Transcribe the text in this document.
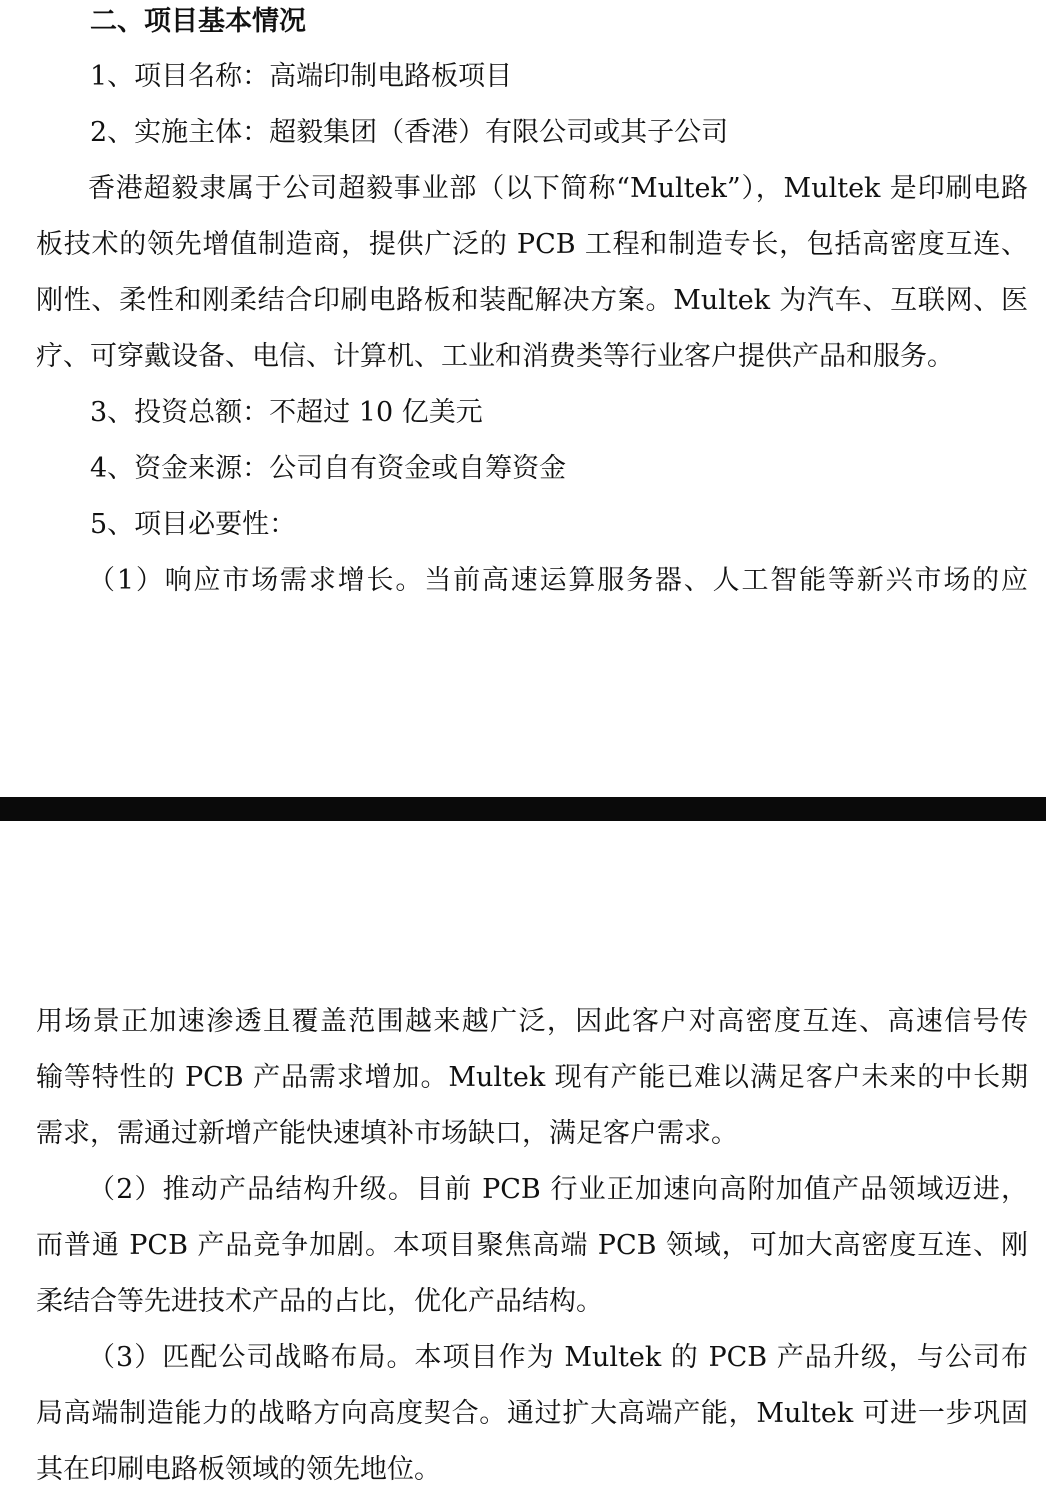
二、项目基本情况
1、项目名称：高端印制电路板项目
2、实施主体：超毅集团（香港）有限公司或其子公司
香港超毅隶属于公司超毅事业部（以下简称“Multek”），Multek 是印刷电路
板技术的领先增值制造商，提供广泛的 PCB 工程和制造专长，包括高密度互连、
刚性、柔性和刚柔结合印刷电路板和装配解决方案。Multek 为汽车、互联网、医
疗、可穿戴设备、电信、计算机、工业和消费类等行业客户提供产品和服务。
3、投资总额：不超过 10 亿美元
4、资金来源：公司自有资金或自筹资金
5、项目必要性：
（1）响应市场需求增长。当前高速运算服务器、人工智能等新兴市场的应
用场景正加速渗透且覆盖范围越来越广泛，因此客户对高密度互连、高速信号传
输等特性的 PCB 产品需求增加。Multek 现有产能已难以满足客户未来的中长期
需求，需通过新增产能快速填补市场缺口，满足客户需求。
（2）推动产品结构升级。目前 PCB 行业正加速向高附加值产品领域迈进，
而普通 PCB 产品竞争加剧。本项目聚焦高端 PCB 领域，可加大高密度互连、刚
柔结合等先进技术产品的占比，优化产品结构。
（3）匹配公司战略布局。本项目作为 Multek 的 PCB 产品升级，与公司布
局高端制造能力的战略方向高度契合。通过扩大高端产能，Multek 可进一步巩固
其在印刷电路板领域的领先地位。
